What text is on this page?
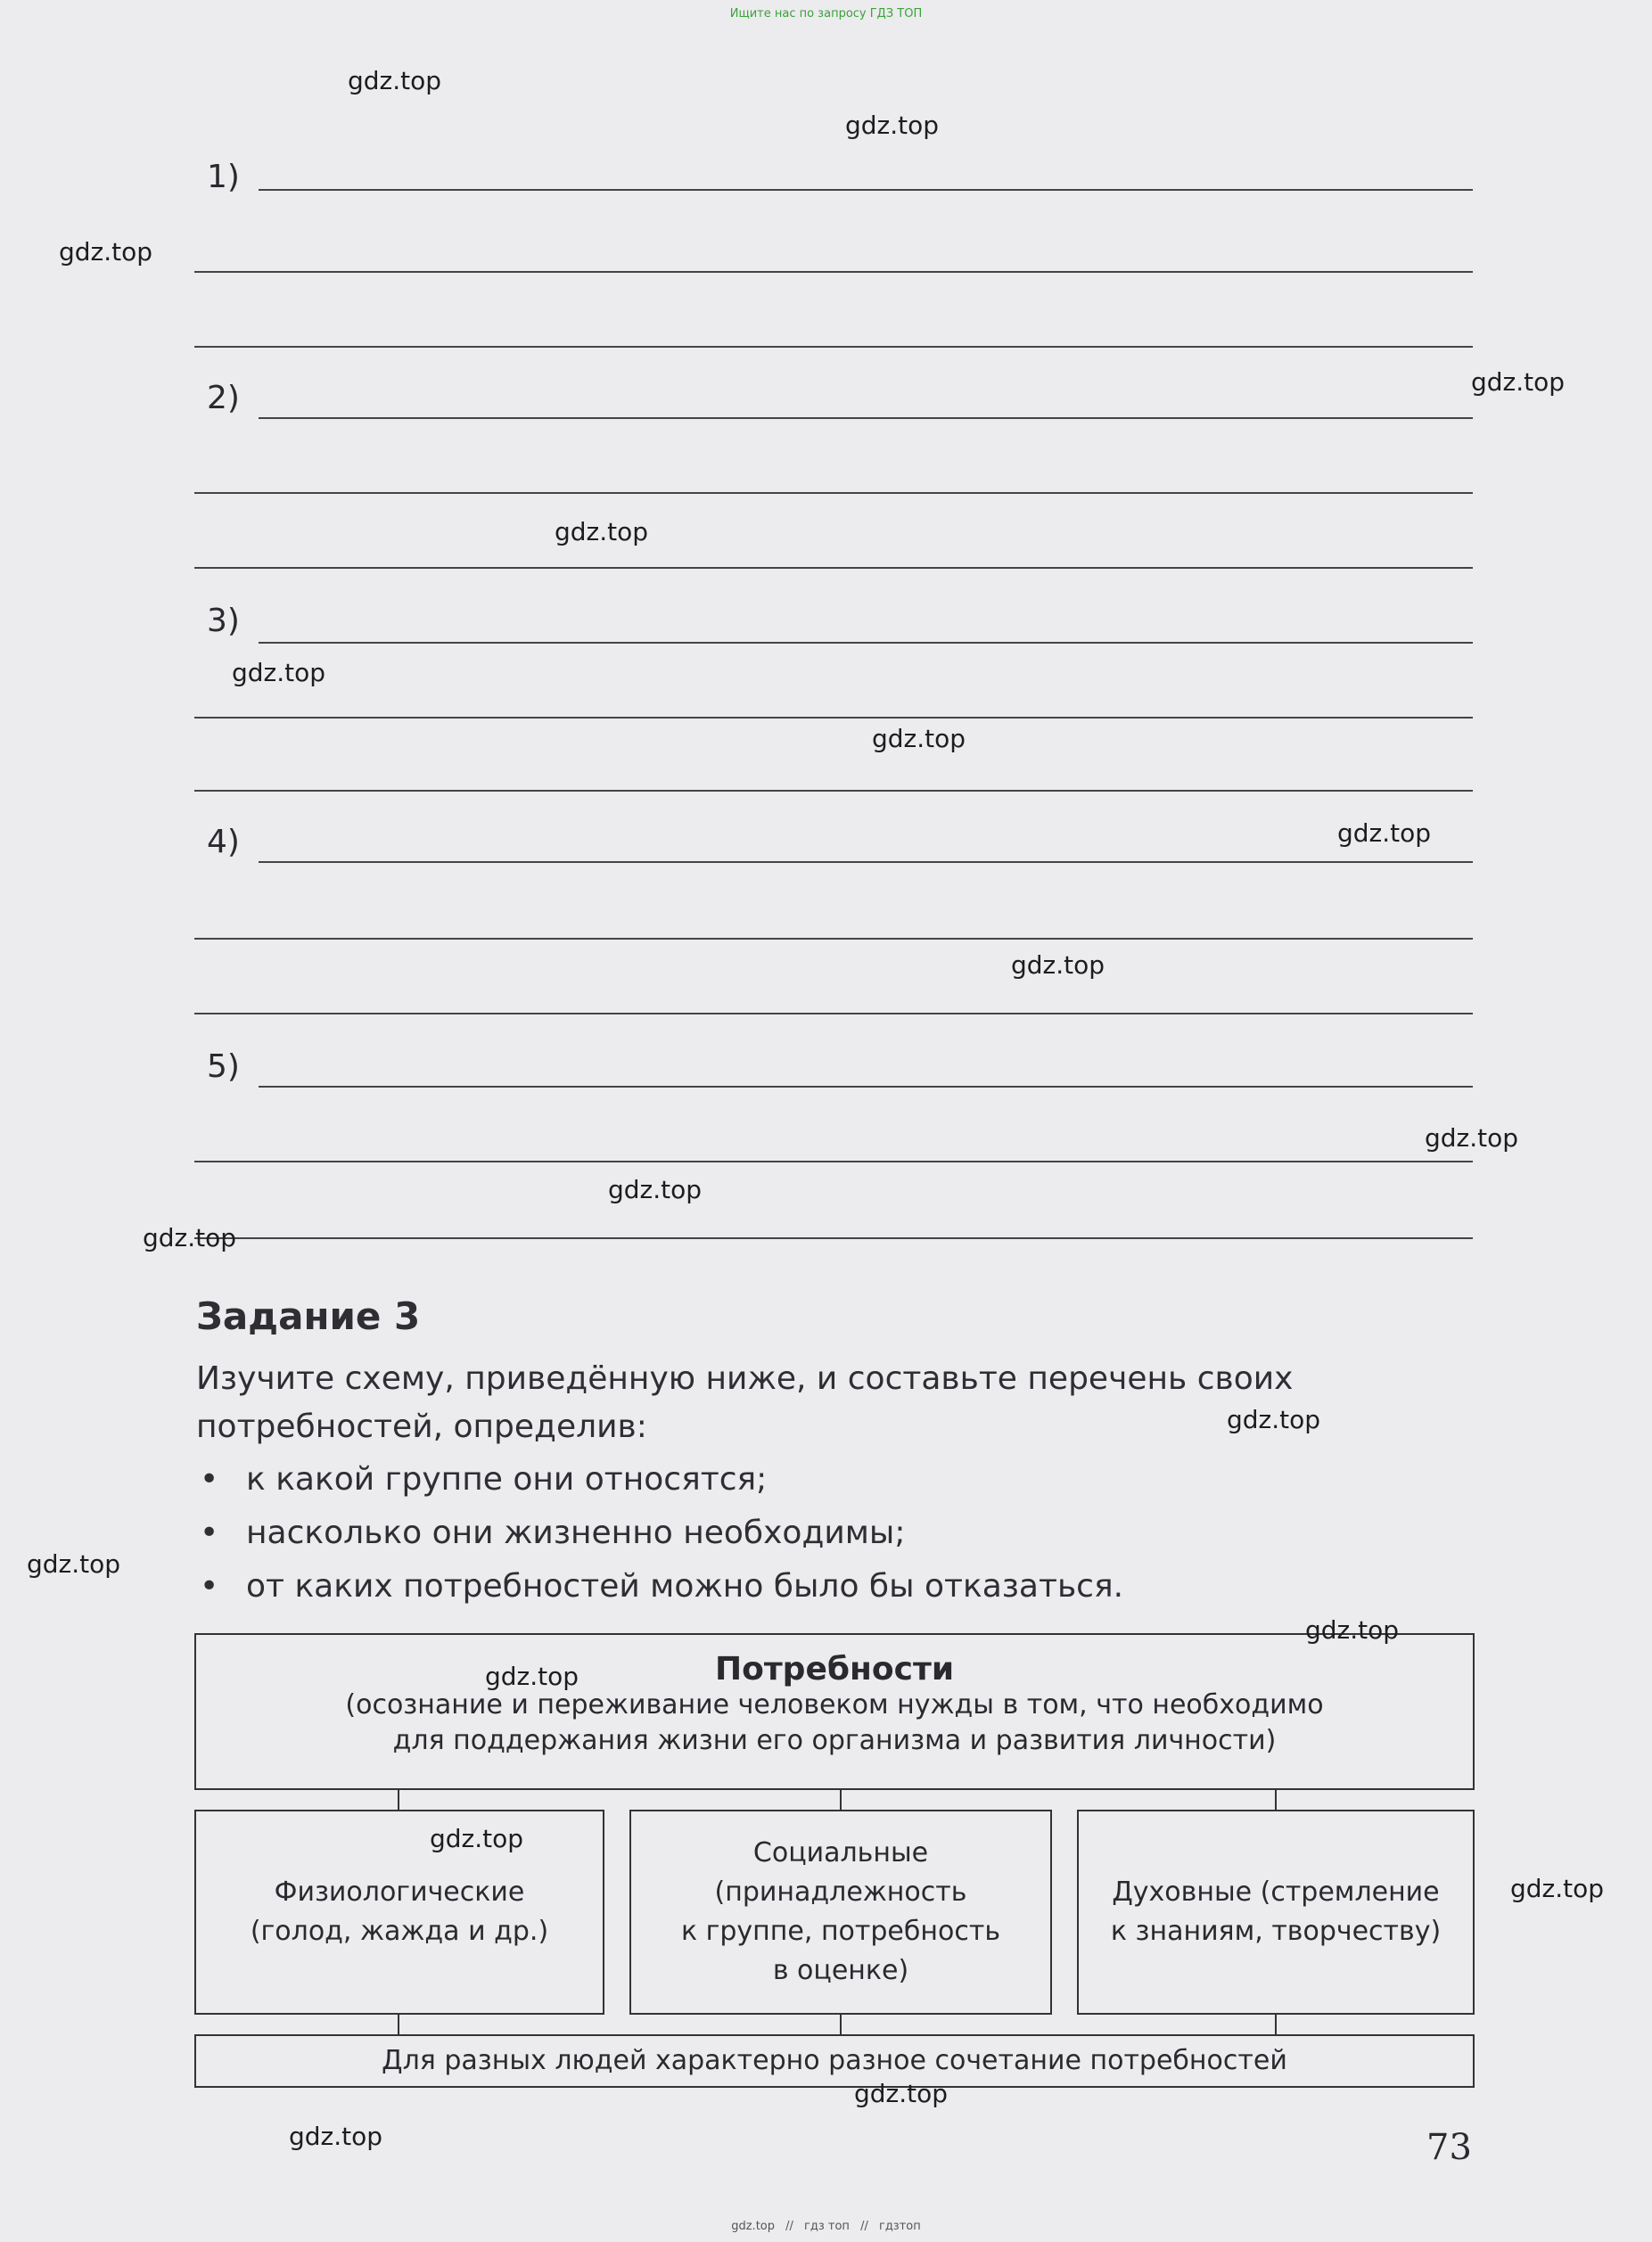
Ищите нас по запросу ГДЗ ТОП

1)
2)
3)
4)
5)
Задание 3
Изучите схему, приведённую ниже, и составьте перечень своих потребностей, определив:
• к какой группе они относятся;
• насколько они жизненно необходимы;
• от каких потребностей можно было бы отказаться.
Потребности
(осознание и переживание человеком нужды в том, что необходимо
для поддержания жизни его организма и развития личности)
Физиологические
(голод, жажда и др.)
Социальные
(принадлежность
к группе, потребность
в оценке)
Духовные (стремление
к знаниям, творчеству)
Для разных людей характерно разное сочетание потребностей
73
gdz.top
gdz.top
gdz.top
gdz.top
gdz.top
gdz.top
gdz.top
gdz.top
gdz.top
gdz.top
gdz.top
gdz.top
gdz.top
gdz.top
gdz.top
gdz.top
gdz.top
gdz.top
gdz.top
gdz.top
gdz.top // гдз топ // гдзтоп
